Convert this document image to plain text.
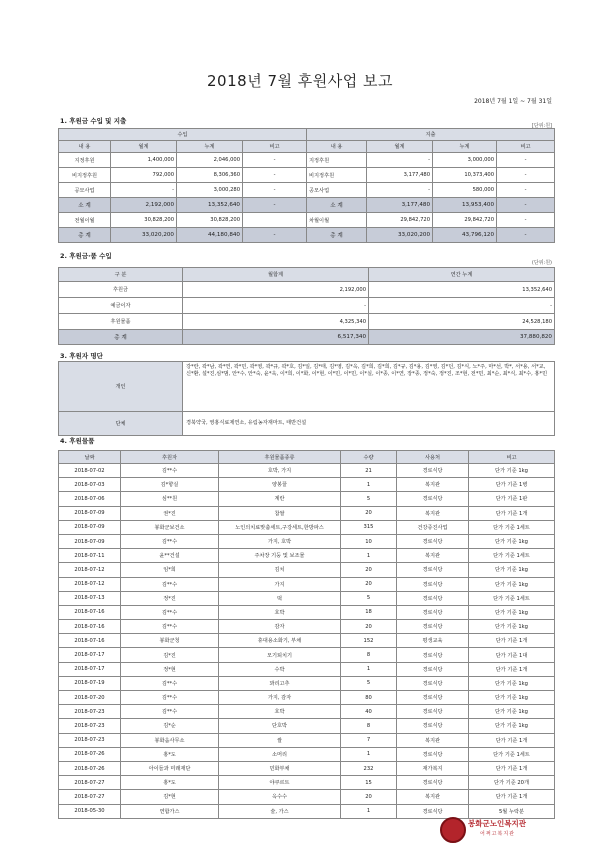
2018년 7월 후원사업 보고
2018년 7월 1일 ~ 7월 31일
1. 후원금 수입 및 지출
[단위:원]
수입				지출			
내 용	월계	누계	비고	내 용	월계	누계	비고
지정후원	1,400,000	2,046,000	-	지정후원	-	3,000,000	-
비지정후원	792,000	8,306,360	-	비지정후원	3,177,480	10,373,400	-
공모사업	-	3,000,280	-	공모사업	-	580,000	-
소 계	2,192,000	13,352,640	-	소 계	3,177,480	13,953,400	-
전월이월	30,828,200	30,828,200		차월이월	29,842,720	29,842,720	-
총 계	33,020,200	44,180,840	-	총 계	33,020,200	43,796,120	-
2. 후원금·품 수입
(단위:원)
구 분	월합계	연간 누계
후원금	2,192,000	13,352,640
예금이자	-	-
후원물품	4,325,340	24,528,180
총 계	6,517,340	37,880,820
3. 후원자 명단
개인	강*란, 곽*남, 곽*연, 곽*민, 곽*영, 곽*규, 곽*호, 김*일, 김*태, 김*영, 김*옥, 김*희, 김*희, 김*규, 김*용, 김*영, 김*던, 김*식, 노*주, 마*선, 박*, 서*용, 서*교, 신*환, 설*진,심*범, 안*수, 안*숙, 윤*욱, 이*희, 이*화, 이*현, 이*민, 이*민, 이*실, 이*종, 이*연, 장*종, 정*숙, 정*진, 조*현, 전*민, 최*순, 최*식, 최*수, 홍*민
단체	경북약국, 영홍식료제연소, 유림농자재마트, 태반건설
4. 후원물품
날짜	후원자	후원물품종류	수량	사용처	비고
2018-07-02	김**수	호박, 가지	21	경로식당	단가 기준 1kg
2018-07-03	김*향실	양봉꿀	1	복지관	단가 기준 1병
2018-07-06	심**원	계란	5	경로식당	단가 기준 1판
2018-07-09	권*진	찹쌀	20	복지관	단가 기준 1개
2018-07-09	봉화군보건소	노인의치료맞춤세트,구강세트,한방파스	315	건강증진사업	단가 기준 1세트
2018-07-09	김**수	가지, 호박	10	경로식당	단가 기준 1kg
2018-07-11	윤**건설	주차장 기둥 및 보조물	1	복지관	단가 기준 1세트
2018-07-12	임*희	김치	20	경로식당	단가 기준 1kg
2018-07-12	김**수	가지	20	경로식당	단가 기준 1kg
2018-07-13	정*진	떡	5	경로식당	단가 기준 1세트
2018-07-16	김**수	호박	18	경로식당	단가 기준 1kg
2018-07-16	김**수	감자	20	경로식당	단가 기준 1kg
2018-07-16	봉화군청	휴대용소화기, 부채	152	평생교육	단가 기준 1개
2018-07-17	김*진	모기퇴치기	8	경로식당	단가 기준 1대
2018-07-17	정*현	수박	1	경로식당	단가 기준 1개
2018-07-19	김**수	꽈리고추	5	경로식당	단가 기준 1kg
2018-07-20	김**수	가지, 감자	80	경로식당	단가 기준 1kg
2018-07-23	김**수	호박	40	경로식당	단가 기준 1kg
2018-07-23	김*순	단호박	8	경로식당	단가 기준 1kg
2018-07-23	봉화읍사무소	쌀	7	복지관	단가 기준 1개
2018-07-26	홍*도	소머리	1	경로식당	단가 기준 1세트
2018-07-26	아이들과 미래재단	민화부채	232	재가복지	단가 기준 1개
2018-07-27	홍*도	야쿠르트	15	경로식당	단가 기준 20개
2018-07-27	김*현	옥수수	20	복지관	단가 기준 1개
2018-05-30	연합가스	술, 가스	1	경로식당	5월 누락분
봉화군노인복지관
어쩌고복지관
